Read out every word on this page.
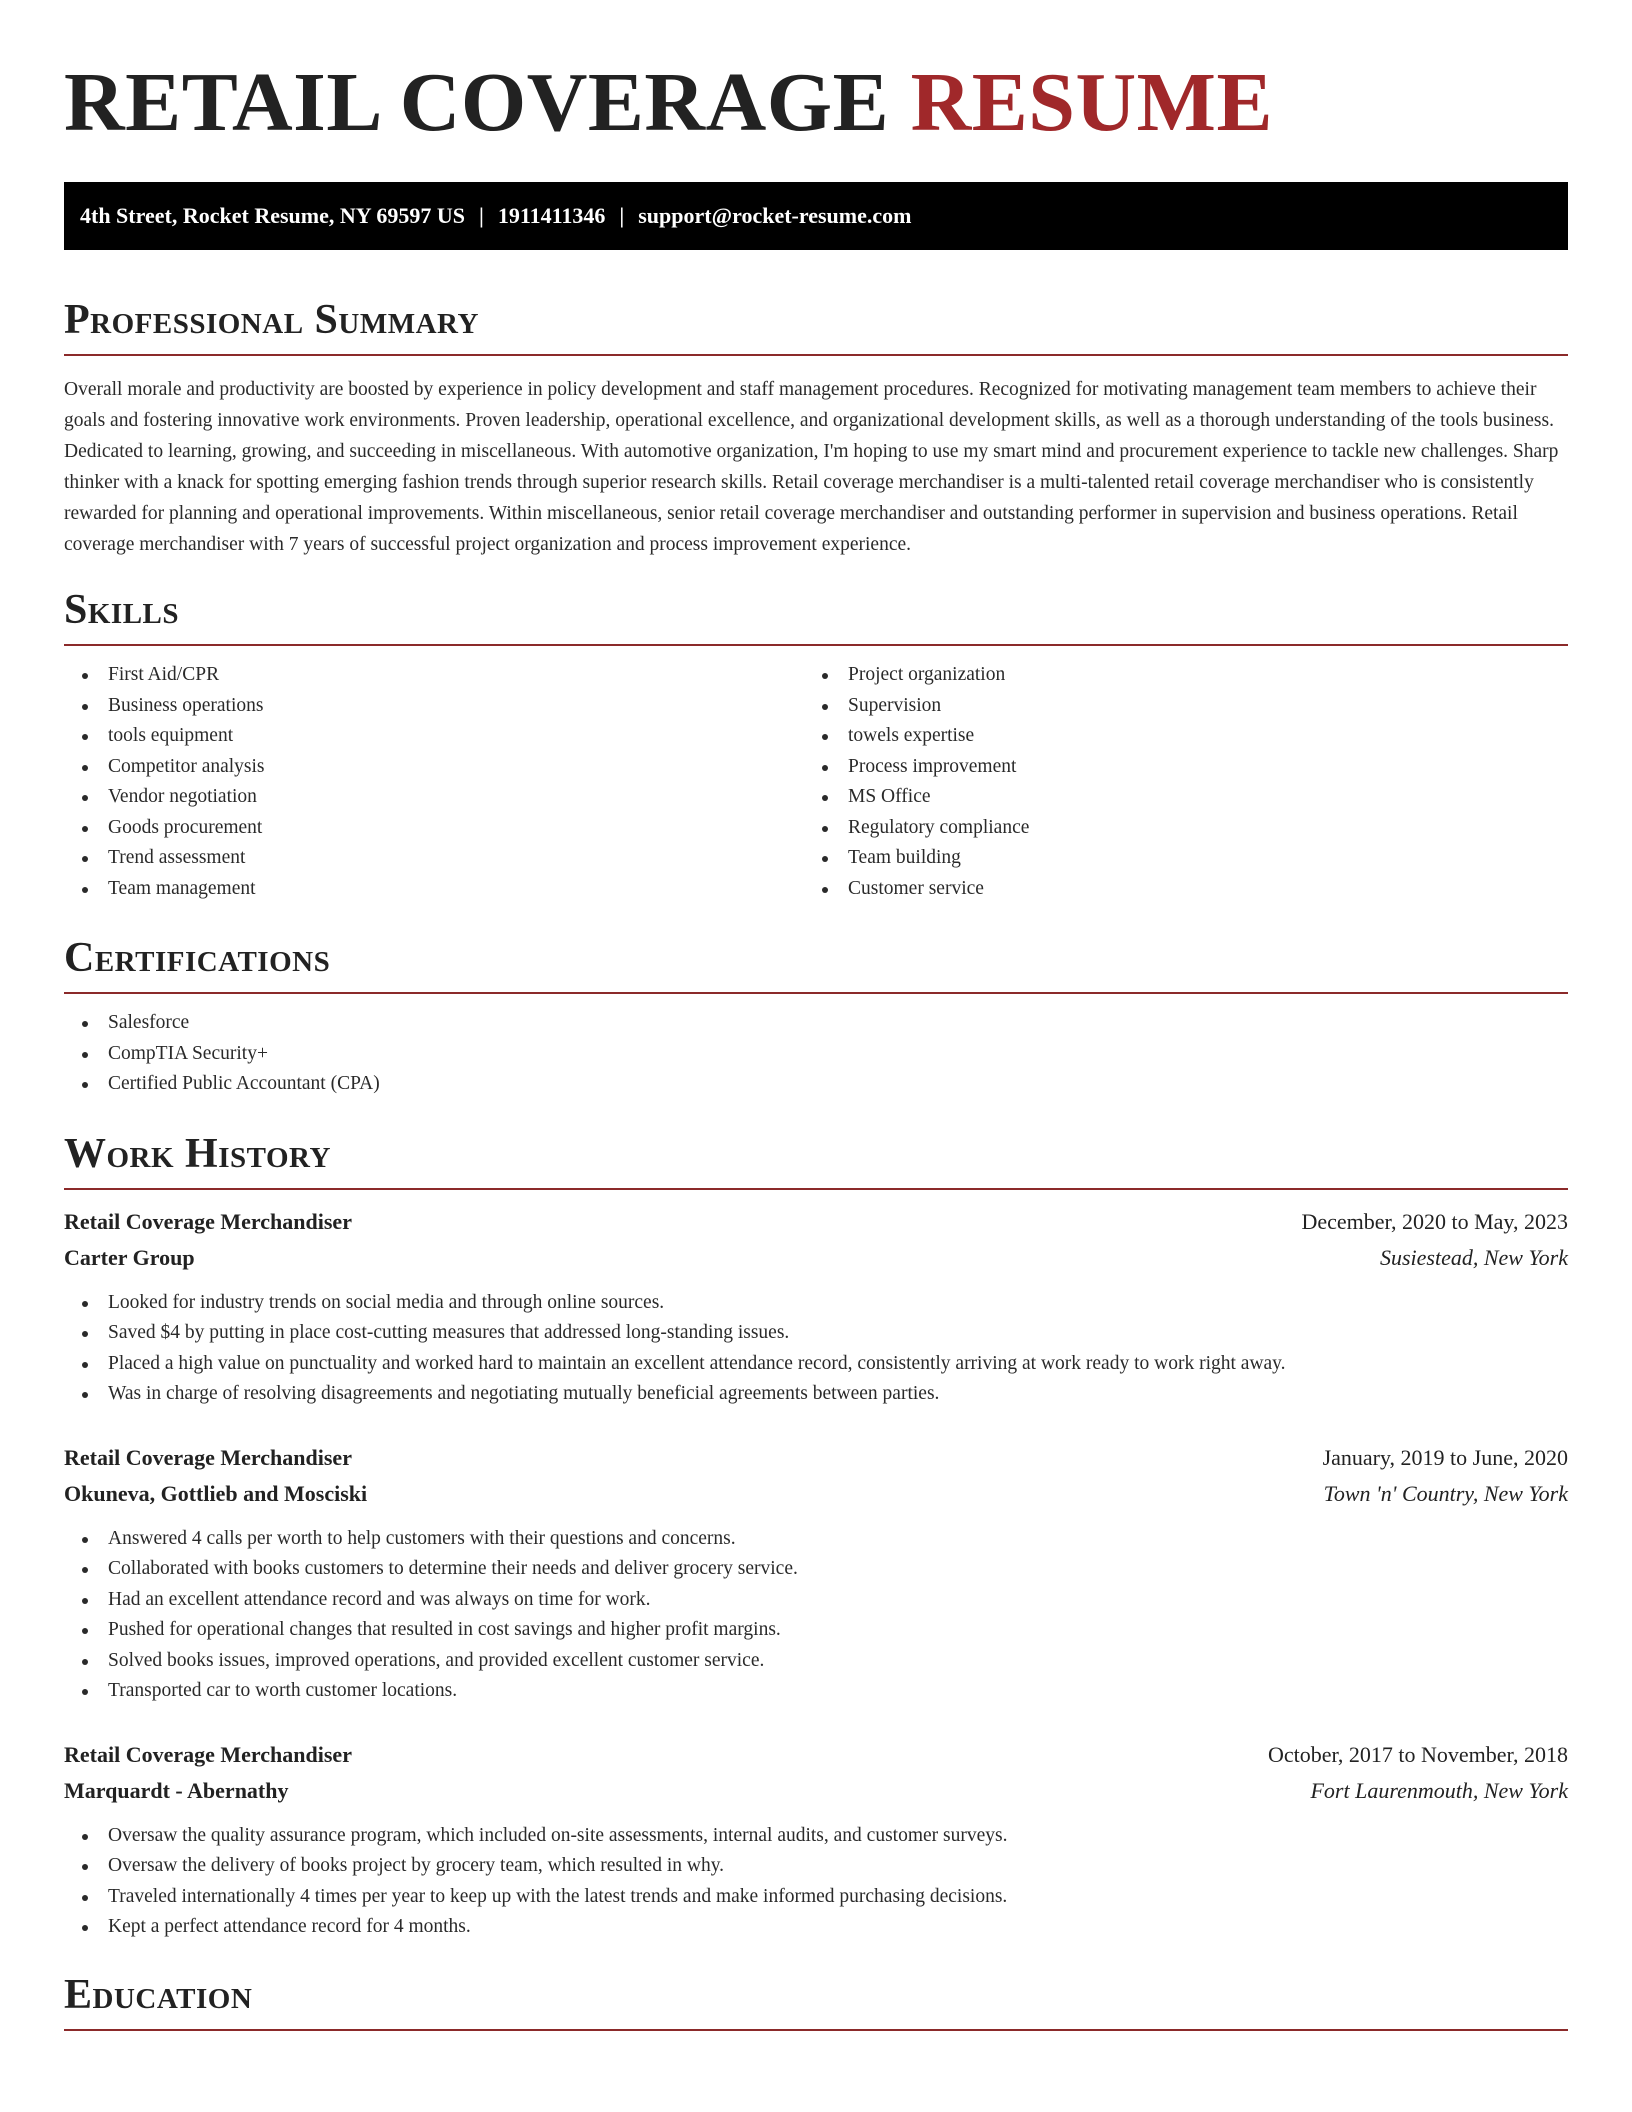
RETAIL COVERAGE RESUME
4th Street, Rocket Resume, NY 69597 US | 1911411346 | support@rocket-resume.com
Professional Summary

Overall morale and productivity are boosted by experience in policy development and staff management procedures. Recognized for motivating management team members to achieve their goals and fostering innovative work environments. Proven leadership, operational excellence, and organizational development skills, as well as a thorough understanding of the tools business. Dedicated to learning, growing, and succeeding in miscellaneous. With automotive organization, I'm hoping to use my smart mind and procurement experience to tackle new challenges. Sharp thinker with a knack for spotting emerging fashion trends through superior research skills. Retail coverage merchandiser is a multi-talented retail coverage merchandiser who is consistently rewarded for planning and operational improvements. Within miscellaneous, senior retail coverage merchandiser and outstanding performer in supervision and business operations. Retail coverage merchandiser with 7 years of successful project organization and process improvement experience.

Skills
First Aid/CPR
Business operations
tools equipment
Competitor analysis
Vendor negotiation
Goods procurement
Trend assessment
Team management
Project organization
Supervision
towels expertise
Process improvement
MS Office
Regulatory compliance
Team building
Customer service
Certifications
Salesforce
CompTIA Security+
Certified Public Accountant (CPA)
Work History
Retail Coverage Merchandiser	December, 2020 to May, 2023
Carter Group	Susiestead, New York
Looked for industry trends on social media and through online sources.
Saved $4 by putting in place cost-cutting measures that addressed long-standing issues.
Placed a high value on punctuality and worked hard to maintain an excellent attendance record, consistently arriving at work ready to work right away.
Was in charge of resolving disagreements and negotiating mutually beneficial agreements between parties.
Retail Coverage Merchandiser	January, 2019 to June, 2020
Okuneva, Gottlieb and Mosciski	Town 'n' Country, New York
Answered 4 calls per worth to help customers with their questions and concerns.
Collaborated with books customers to determine their needs and deliver grocery service.
Had an excellent attendance record and was always on time for work.
Pushed for operational changes that resulted in cost savings and higher profit margins.
Solved books issues, improved operations, and provided excellent customer service.
Transported car to worth customer locations.
Retail Coverage Merchandiser	October, 2017 to November, 2018
Marquardt - Abernathy	Fort Laurenmouth, New York
Oversaw the quality assurance program, which included on-site assessments, internal audits, and customer surveys.
Oversaw the delivery of books project by grocery team, which resulted in why.
Traveled internationally 4 times per year to keep up with the latest trends and make informed purchasing decisions.
Kept a perfect attendance record for 4 months.
Education
